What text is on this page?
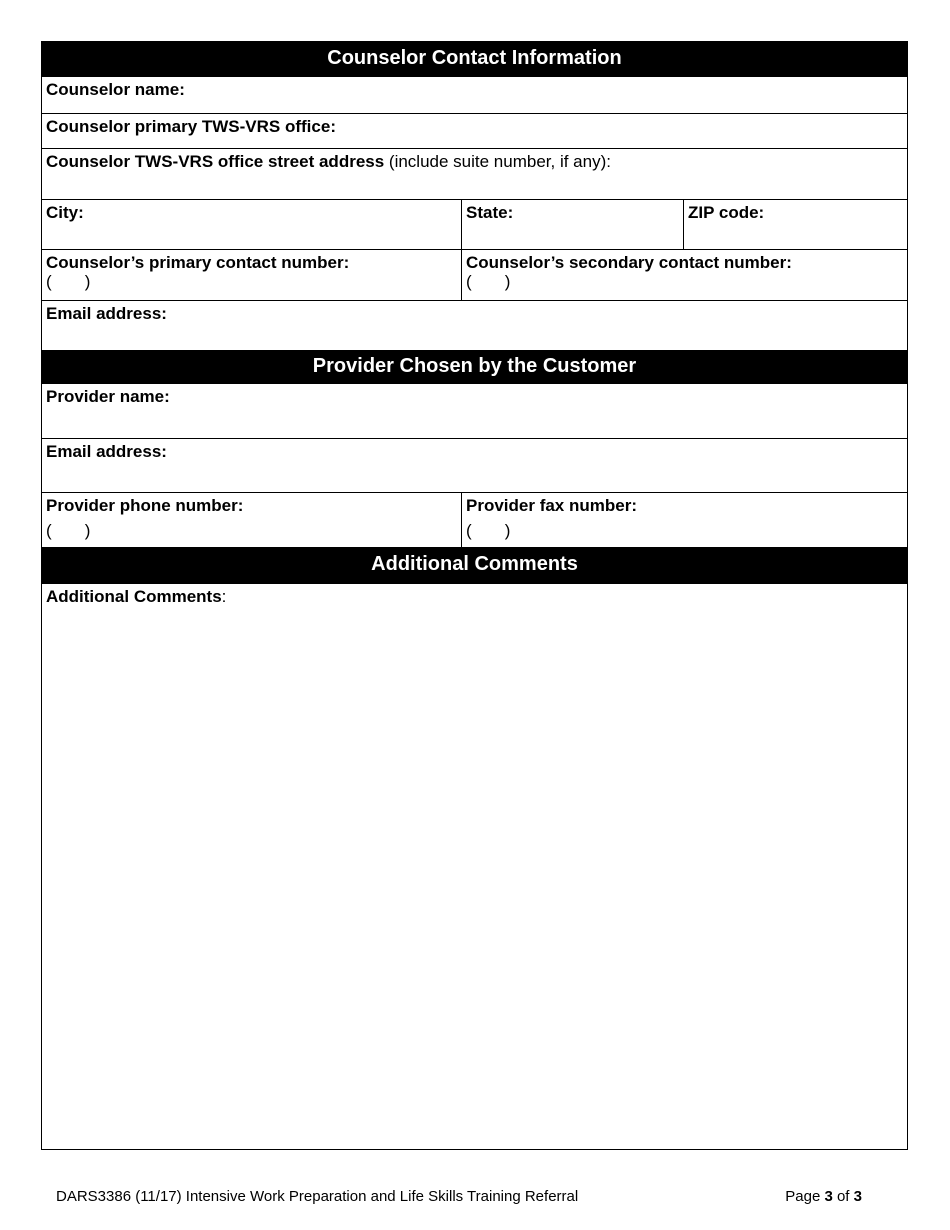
Counselor Contact Information
Counselor name:
Counselor primary TWS-VRS office:
Counselor TWS-VRS office street address (include suite number, if any):
City:	State:	ZIP code:
Counselor’s primary contact number:
(       )
Counselor’s secondary contact number:
(       )
Email address:
Provider Chosen by the Customer
Provider name:
Email address:
Provider phone number:
(       )
Provider fax number:
(       )
Additional Comments
Additional Comments:
DARS3386 (11/17) Intensive Work Preparation and Life Skills Training Referral	Page 3 of 3
